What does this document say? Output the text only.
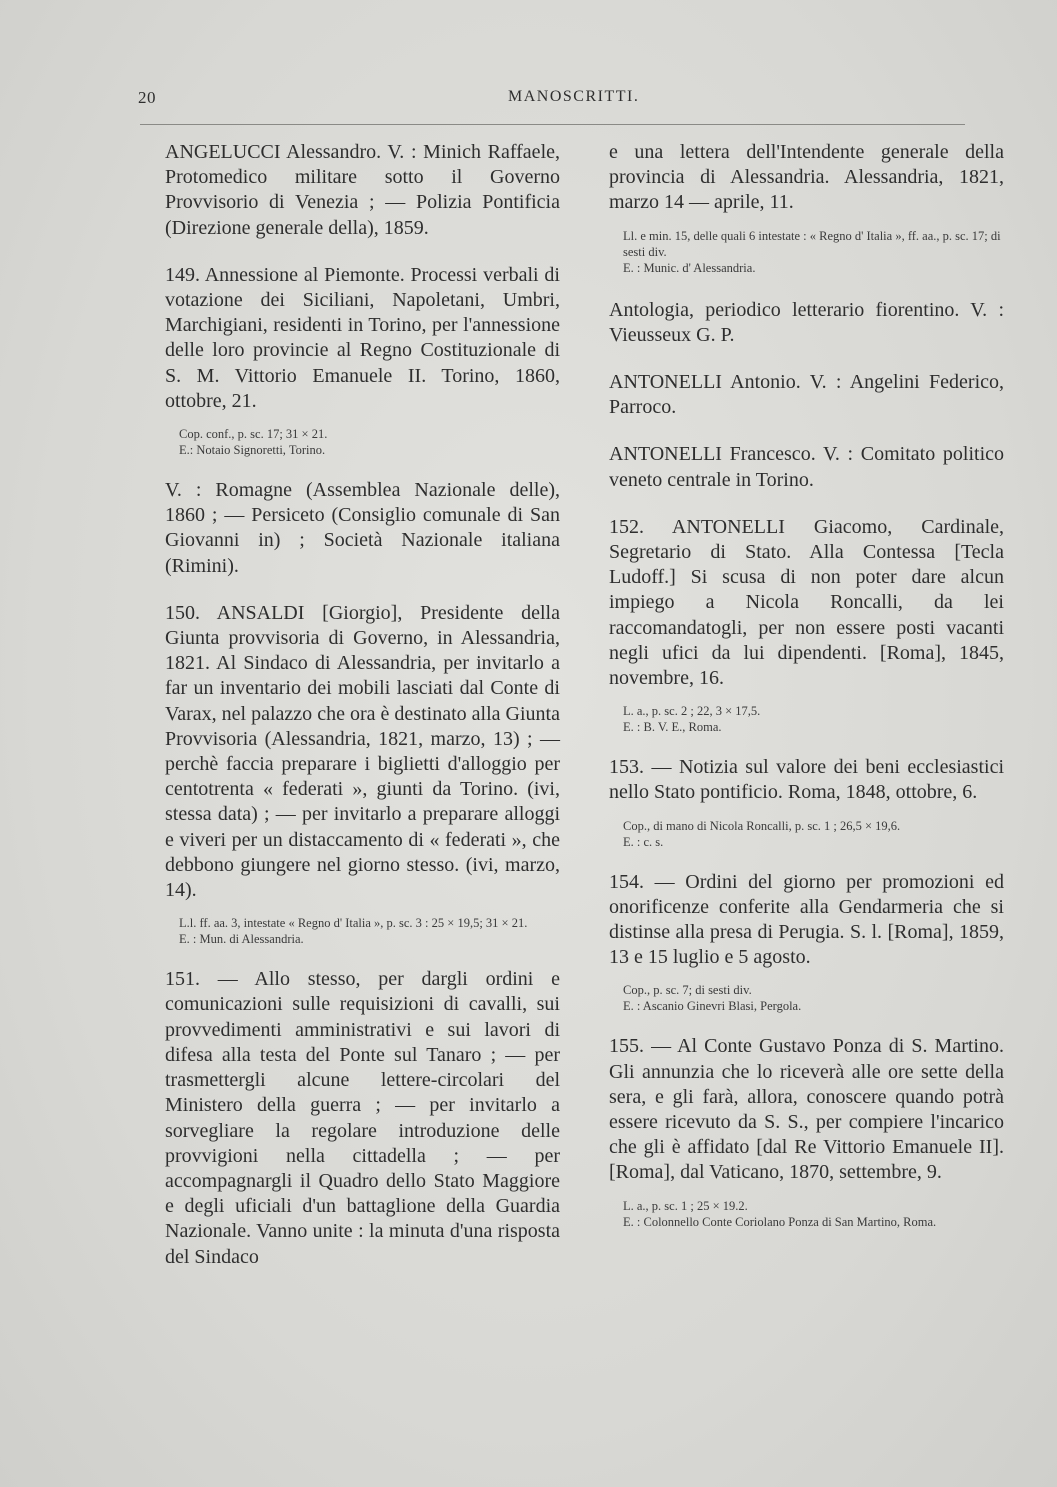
20	MANOSCRITTI.

ANGELUCCI Alessandro. V. : Minich Raffaele, Protomedico militare sotto il Governo Provvisorio di Venezia ; — Polizia Pontificia (Direzione generale della), 1859.

149. Annessione al Piemonte. Processi verbali di votazione dei Siciliani, Napoletani, Umbri, Marchigiani, residenti in Torino, per l'annessione delle loro provincie al Regno Costituzionale di S. M. Vittorio Emanuele II. Torino, 1860, ottobre, 21.

Cop. conf., p. sc. 17; 31 × 21.
E.: Notaio Signoretti, Torino.

V. : Romagne (Assemblea Nazionale delle), 1860 ; — Persiceto (Consiglio comunale di San Giovanni in) ; Società Nazionale italiana (Rimini).

150. ANSALDI [Giorgio], Presidente della Giunta provvisoria di Governo, in Alessandria, 1821. Al Sindaco di Alessandria, per invitarlo a far un inventario dei mobili lasciati dal Conte di Varax, nel palazzo che ora è destinato alla Giunta Provvisoria (Alessandria, 1821, marzo, 13) ; — perchè faccia preparare i biglietti d'alloggio per centotrenta « federati », giunti da Torino. (ivi, stessa data) ; — per invitarlo a preparare alloggi e viveri per un distaccamento di « federati », che debbono giungere nel giorno stesso. (ivi, marzo, 14).

L.l. ff. aa. 3, intestate « Regno d' Italia », p. sc. 3 : 25 × 19,5; 31 × 21.
E. : Mun. di Alessandria.

151. — Allo stesso, per dargli ordini e comunicazioni sulle requisizioni di cavalli, sui provvedimenti amministrativi e sui lavori di difesa alla testa del Ponte sul Tanaro ; — per trasmettergli alcune lettere-circolari del Ministero della guerra ; — per invitarlo a sorvegliare la regolare introduzione delle provvigioni nella cittadella ; — per accompagnargli il Quadro dello Stato Maggiore e degli uficiali d'un battaglione della Guardia Nazionale. Vanno unite : la minuta d'una risposta del Sindaco

e una lettera dell'Intendente generale della provincia di Alessandria. Alessandria, 1821, marzo 14 — aprile, 11.

Ll. e min. 15, delle quali 6 intestate : « Regno d' Italia », ff. aa., p. sc. 17; di sesti div.
E. : Munic. d' Alessandria.

Antologia, periodico letterario fiorentino. V. : Vieusseux G. P.

ANTONELLI Antonio. V. : Angelini Federico, Parroco.

ANTONELLI Francesco. V. : Comitato politico veneto centrale in Torino.

152. ANTONELLI Giacomo, Cardinale, Segretario di Stato. Alla Contessa [Tecla Ludoff.] Si scusa di non poter dare alcun impiego a Nicola Roncalli, da lei raccomandatogli, per non essere posti vacanti negli ufici da lui dipendenti. [Roma], 1845, novembre, 16.

L. a., p. sc. 2 ; 22, 3 × 17,5.
E. : B. V. E., Roma.

153. — Notizia sul valore dei beni ecclesiastici nello Stato pontificio. Roma, 1848, ottobre, 6.

Cop., di mano di Nicola Roncalli, p. sc. 1 ; 26,5 × 19,6.
E. : c. s.

154. — Ordini del giorno per promozioni ed onorificenze conferite alla Gendarmeria che si distinse alla presa di Perugia. S. l. [Roma], 1859, 13 e 15 luglio e 5 agosto.

Cop., p. sc. 7; di sesti div.
E. : Ascanio Ginevri Blasi, Pergola.

155. — Al Conte Gustavo Ponza di S. Martino. Gli annunzia che lo riceverà alle ore sette della sera, e gli farà, allora, conoscere quando potrà essere ricevuto da S. S., per compiere l'incarico che gli è affidato [dal Re Vittorio Emanuele II]. [Roma], dal Vaticano, 1870, settembre, 9.

L. a., p. sc. 1 ; 25 × 19.2.
E. : Colonnello Conte Coriolano Ponza di San Martino, Roma.
